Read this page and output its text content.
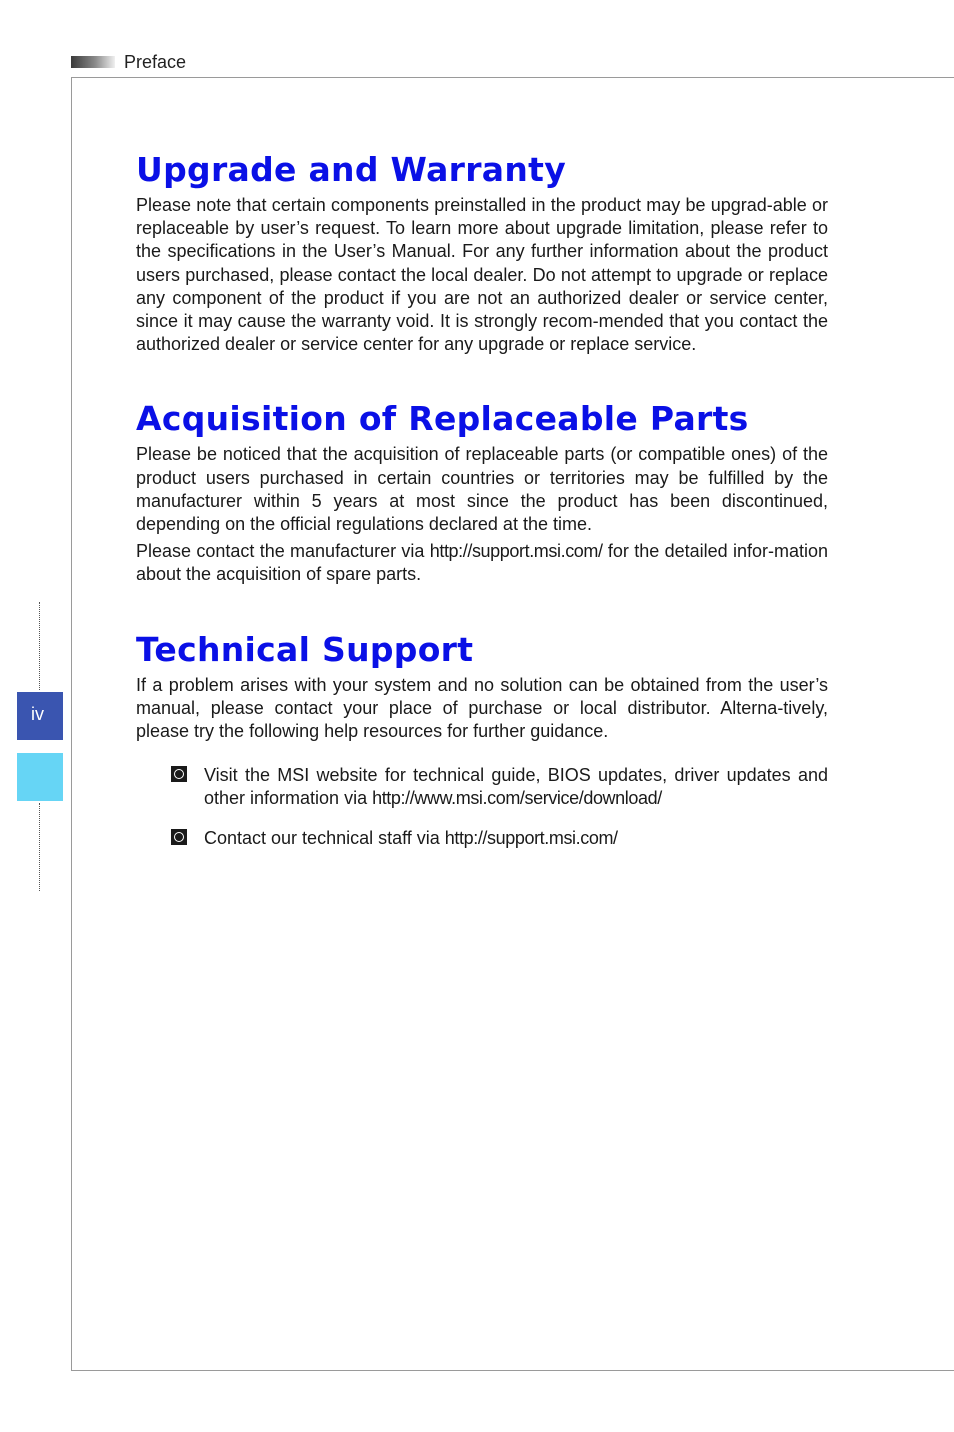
Preface
iv
Upgrade and Warranty

Please note that certain components preinstalled in the product may be upgrad-able or replaceable by user’s request. To learn more about upgrade limitation, please refer to the specifications in the User’s Manual. For any further information about the product users purchased, please contact the local dealer. Do not attempt to upgrade or replace any component of the product if you are not an authorized dealer or service center, since it may cause the warranty void. It is strongly recom-mended that you contact the authorized dealer or service center for any upgrade or replace service.

Acquisition of Replaceable Parts

Please be noticed that the acquisition of replaceable parts (or compatible ones) of the product users purchased in certain countries or territories may be fulfilled by the manufacturer within 5 years at most since the product has been discontinued, depending on the official regulations declared at the time.

Please contact the manufacturer via http://support.msi.com/ for the detailed infor-mation about the acquisition of spare parts.

Technical Support

If a problem arises with your system and no solution can be obtained from the user’s manual, please contact your place of purchase or local distributor. Alterna-tively, please try the following help resources for further guidance.

Visit the MSI website for technical guide, BIOS updates, driver updates and other information via http://www.msi.com/service/download/
Contact our technical staff via http://support.msi.com/
